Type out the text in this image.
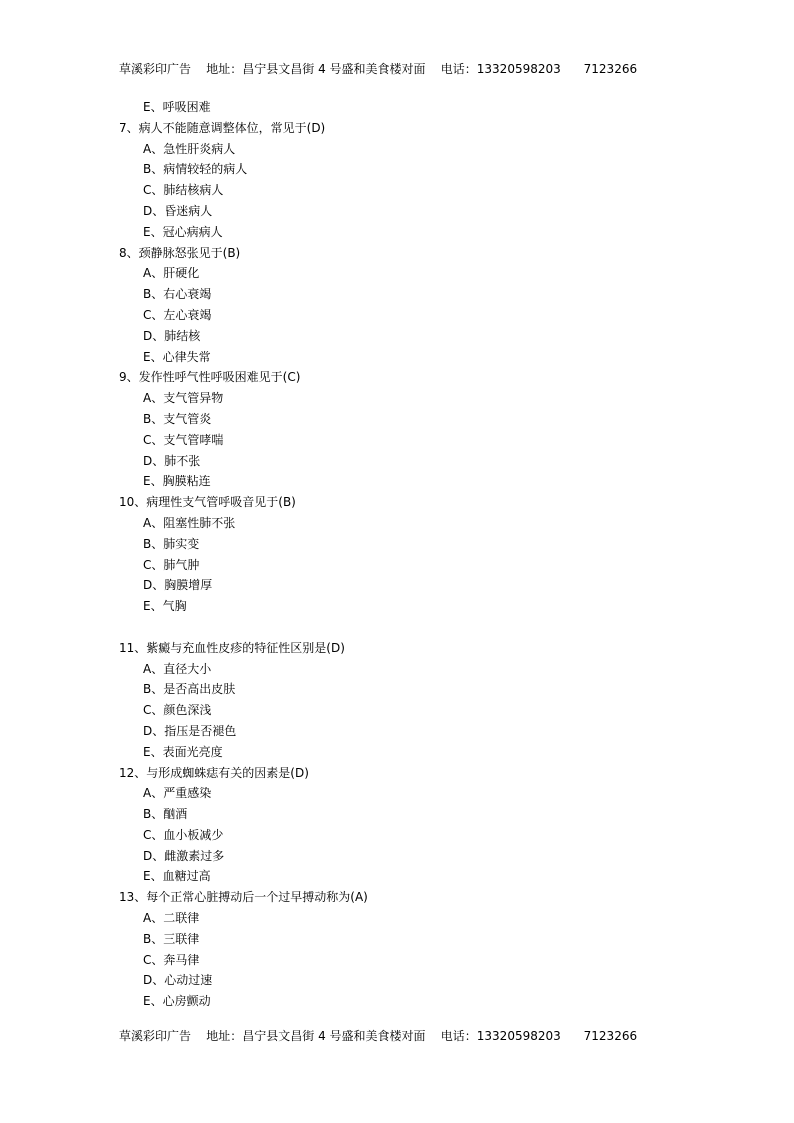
草溪彩印广告    地址：昌宁县文昌街 4 号盛和美食楼对面    电话：13320598203      7123266
E、呼吸困难
7、病人不能随意调整体位，常见于(D)
A、急性肝炎病人
B、病情较轻的病人
C、肺结核病人
D、昏迷病人
E、冠心病病人
8、颈静脉怒张见于(B)
A、肝硬化
B、右心衰竭
C、左心衰竭
D、肺结核
E、心律失常
9、发作性呼气性呼吸困难见于(C)
A、支气管异物
B、支气管炎
C、支气管哮喘
D、肺不张
E、胸膜粘连
10、病理性支气管呼吸音见于(B)
A、阻塞性肺不张
B、肺实变
C、肺气肿
D、胸膜增厚
E、气胸
11、紫癜与充血性皮疹的特征性区别是(D)
A、直径大小
B、是否高出皮肤
C、颜色深浅
D、指压是否褪色
E、表面光亮度
12、与形成蜘蛛痣有关的因素是(D)
A、严重感染
B、酗酒
C、血小板减少
D、雌激素过多
E、血糖过高
13、每个正常心脏搏动后一个过早搏动称为(A)
A、二联律
B、三联律
C、奔马律
D、心动过速
E、心房颤动
草溪彩印广告    地址：昌宁县文昌街 4 号盛和美食楼对面    电话：13320598203      7123266
